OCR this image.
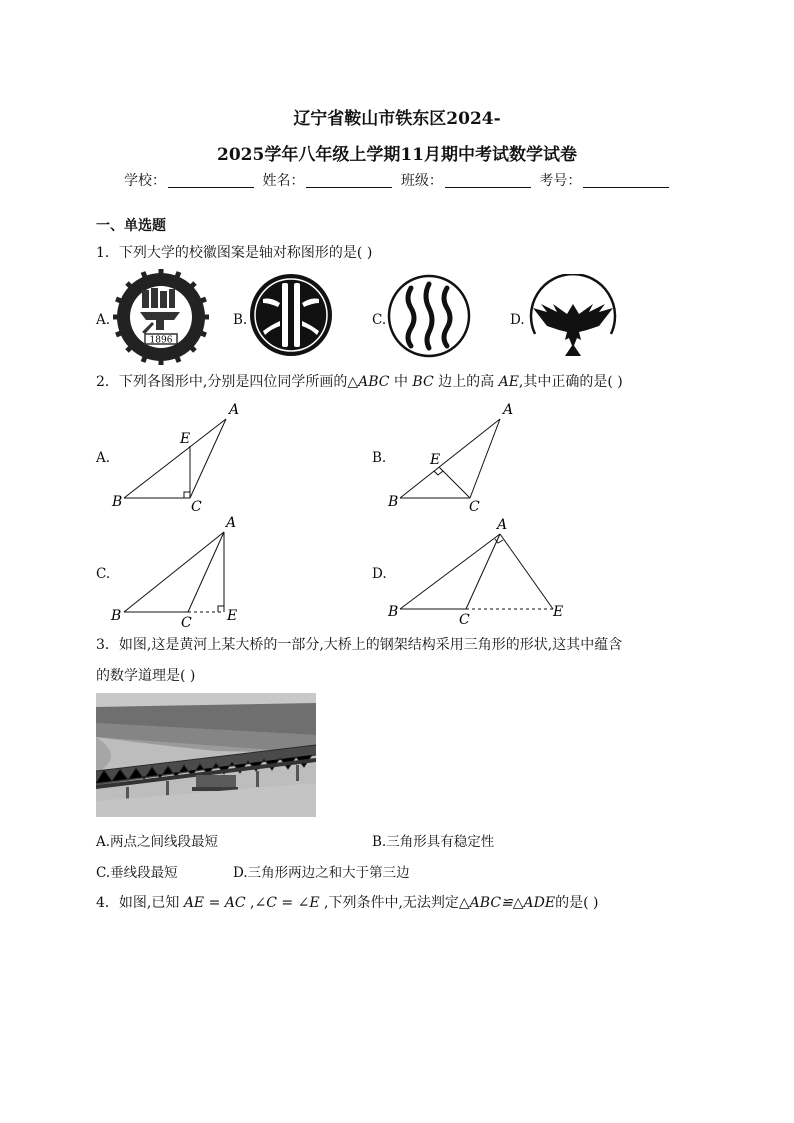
辽宁省鞍山市铁东区2024-
2025学年八年级上学期11月期中考试数学试卷
学校：	姓名：	班级：	考号：
一、单选题
1．下列大学的校徽图案是轴对称图形的是( )
A.
1896
B.	C.	D.
2．下列各图形中,分别是四位同学所画的△ABC 中 BC 边上的高 AE,其中正确的是( )
A.
A
B	C
E
B.
A
B	C
E
C.
A
B	C	E
D.
A
B	C	E
3．如图,这是黄河上某大桥的一部分,大桥上的钢架结构采用三角形的形状,这其中蕴含
的数学道理是( )
A.两点之间线段最短	B.三角形具有稳定性
C.垂线段最短	D.三角形两边之和大于第三边
4．如图,已知 AE = AC ,∠C = ∠E ,下列条件中,无法判定△ABC≌△ADE的是( )
